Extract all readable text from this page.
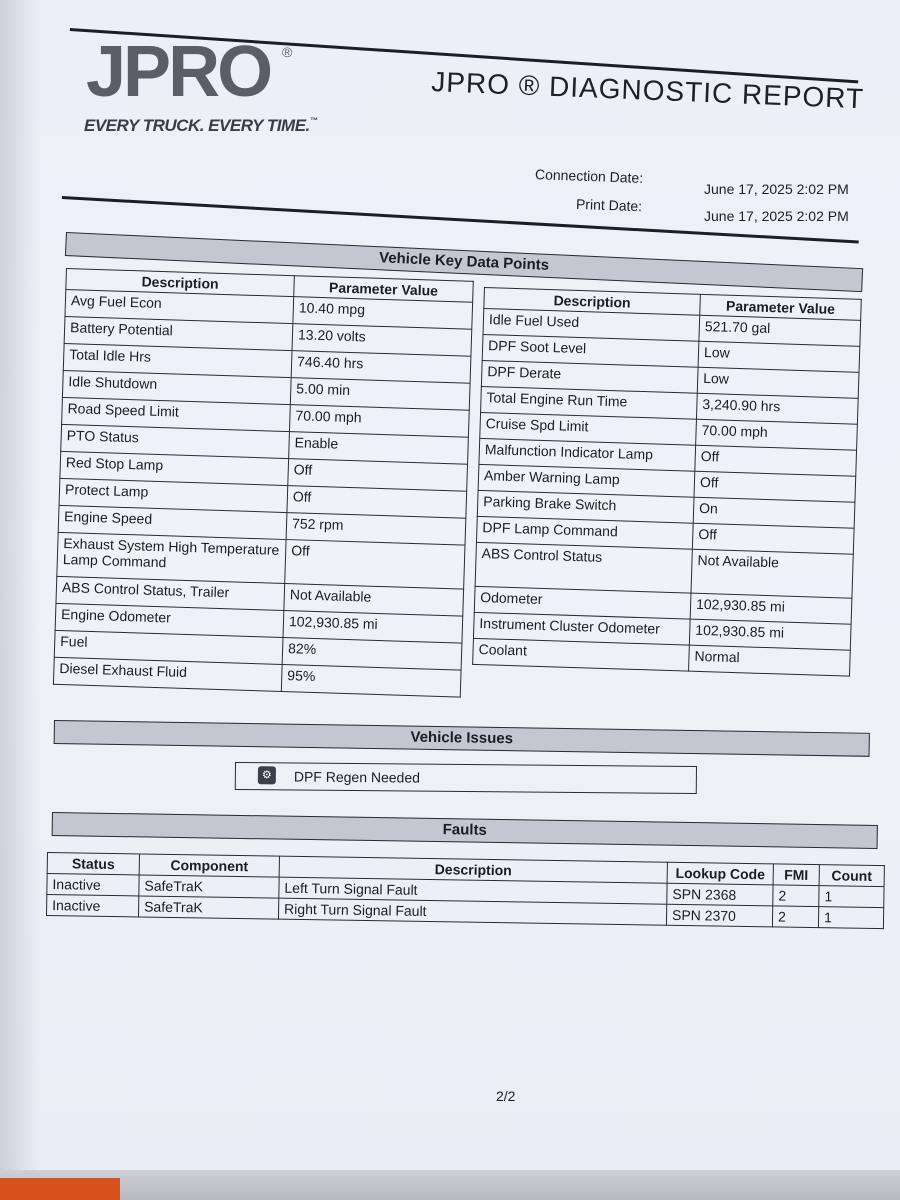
JPRO ®
EVERY TRUCK. EVERY TIME.™
JPRO ® DIAGNOSTIC REPORT
Connection Date:
June 17, 2025 2:02 PM
Print Date:
June 17, 2025 2:02 PM
Vehicle Key Data Points
Description	Parameter Value
Avg Fuel Econ	10.40 mpg
Battery Potential	13.20 volts
Total Idle Hrs	746.40 hrs
Idle Shutdown	5.00 min
Road Speed Limit	70.00 mph
PTO Status	Enable
Red Stop Lamp	Off
Protect Lamp	Off
Engine Speed	752 rpm
Exhaust System High Temperature Lamp Command	Off
ABS Control Status, Trailer	Not Available
Engine Odometer	102,930.85 mi
Fuel	82%
Diesel Exhaust Fluid	95%
Description	Parameter Value
Idle Fuel Used	521.70 gal
DPF Soot Level	Low
DPF Derate	Low
Total Engine Run Time	3,240.90 hrs
Cruise Spd Limit	70.00 mph
Malfunction Indicator Lamp	Off
Amber Warning Lamp	Off
Parking Brake Switch	On
DPF Lamp Command	Off
ABS Control Status	Not Available
Odometer	102,930.85 mi
Instrument Cluster Odometer	102,930.85 mi
Coolant	Normal
Vehicle Issues
⚙ DPF Regen Needed
Faults
Status	Component	Description	Lookup Code	FMI	Count
Inactive	SafeTraK	Left Turn Signal Fault	SPN 2368	2	1
Inactive	SafeTraK	Right Turn Signal Fault	SPN 2370	2	1
2/2
